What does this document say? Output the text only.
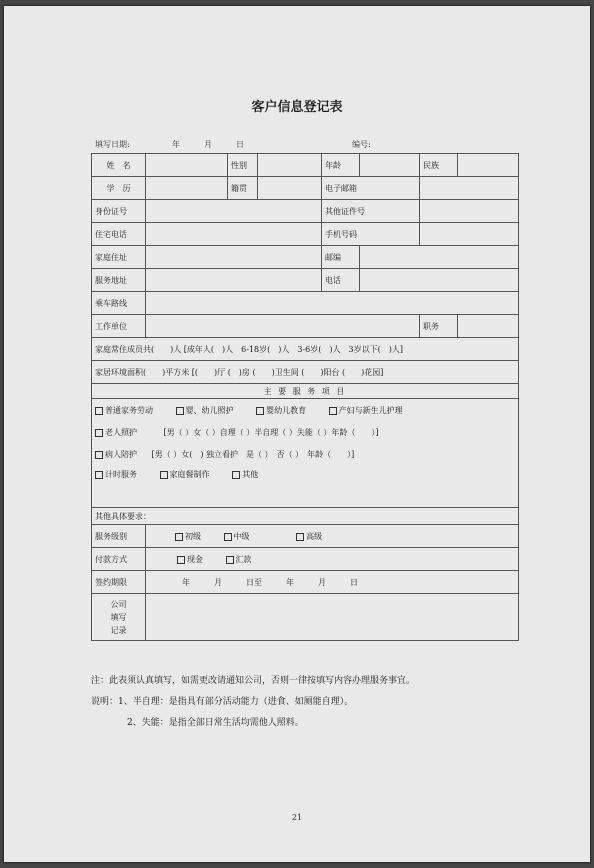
客户信息登记表
填写日期:	年	月	日	编号:
姓　名		性别		年龄		民族	
学　历		籍贯		电子邮箱			
身份证号				其他证件号			
住宅电话				手机号码			
家庭住址				邮编			
服务地址				电话			
乘车路线							
工作单位						职务	
家庭常住成员共(　　)人 [成年人(　)人　6-18岁(　)人　3-6岁(　)人　3岁以下(　)人]							
家居环境面积(　　)平方米 [(　　)厅 (　)房 (　　)卫生间 (　　)阳台 (　　)花园]							
主 要 服 务 项 目							
普通家务劳动 婴、幼儿照护 婴幼儿教育 产妇与新生儿护理							
老人照护 [男（ ）女（ ）自理（ ）半自理（ ）失能（ ）年龄（　　）]							
病人陪护 [男（ ）女(　) 独立看护　是（ ）　否（ ）　年龄（　　）]							
计时服务 家庭餐制作 其他							
其他具体要求：							
服务级别	初级 中级 高级						
付款方式	现金 汇款						
签约期限	年　　　月　　　日至　　　年　　　月　　　日						

公司
填写
记录							

注：此表须认真填写，如需更改请通知公司，否则一律按填写内容办理服务事宜。
说明：1、半自理：是指具有部分活动能力（进食、如厕能自理）。
2、失能：是指全部日常生活均需他人照料。
21
